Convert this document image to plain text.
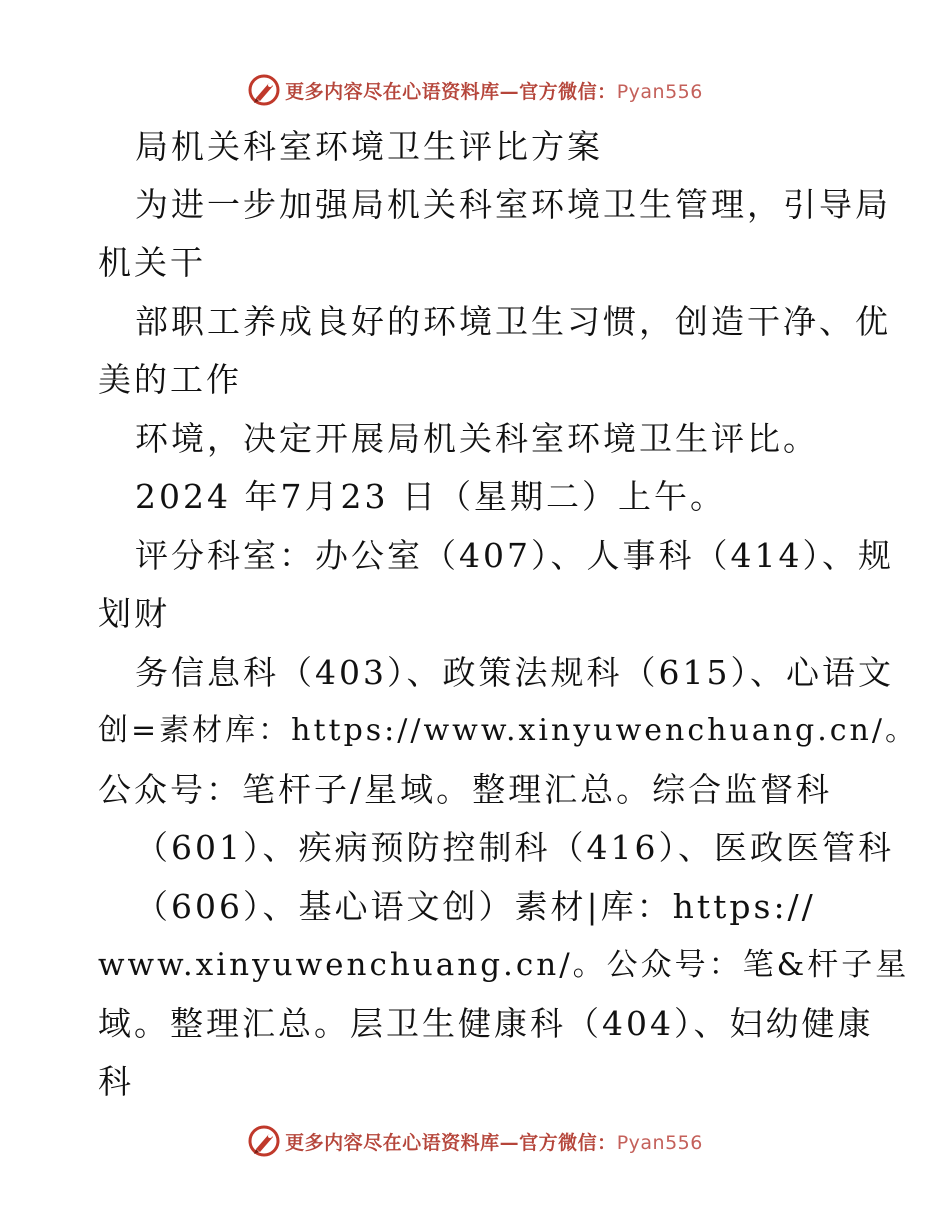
更多内容尽在心语资料库—官方微信：Pyan556
局机关科室环境卫生评比方案
为进一步加强局机关科室环境卫生管理，引导局
机关干
部职工养成良好的环境卫生习惯，创造干净、优
美的工作
环境，决定开展局机关科室环境卫生评比。
2024 年7月23 日（星期二）上午。
评分科室：办公室（407）、人事科（414）、规
划财
务信息科（403）、政策法规科（615）、心语文
创=素材库：https://www.xinyuwenchuang.cn/。
公众号：笔杆子/星域。整理汇总。综合监督科
（601）、疾病预防控制科（416）、医政医管科
（606）、基心语文创）素材|库：https://
www.xinyuwenchuang.cn/。公众号：笔&杆子星
域。整理汇总。层卫生健康科（404）、妇幼健康
科
更多内容尽在心语资料库—官方微信：Pyan556
